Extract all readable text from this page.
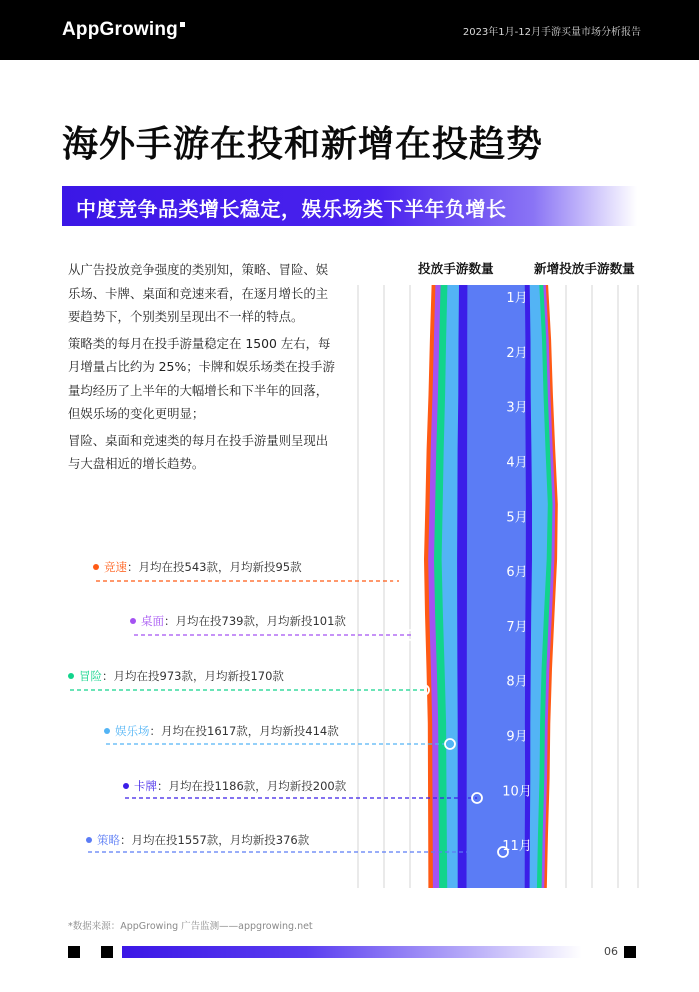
AppGrowing	2023年1月-12月手游买量市场分析报告
海外手游在投和新增在投趋势
中度竞争品类增长稳定，娱乐场类下半年负增长

从广告投放竞争强度的类别知，策略、冒险、娱乐场、卡牌、桌面和竞速来看，在逐月增长的主要趋势下，个别类别呈现出不一样的特点。

策略类的每月在投手游量稳定在 1500 左右，每月增量占比约为 25%；卡牌和娱乐场类在投手游量均经历了上半年的大幅增长和下半年的回落，但娱乐场的变化更明显；

冒险、桌面和竞速类的每月在投手游量则呈现出与大盘相近的增长趋势。

投放手游数量	新增投放手游数量
1月
2月
3月
4月
5月
6月
7月
8月
9月
10月
11月
12月
竞速：月均在投543款，月均新投95款
桌面：月均在投739款，月均新投101款
冒险：月均在投973款，月均新投170款
娱乐场：月均在投1617款，月均新投414款
卡牌：月均在投1186款，月均新投200款
策略：月均在投1557款，月均新投376款
*数据来源：AppGrowing 广告监测——appgrowing.net
06
